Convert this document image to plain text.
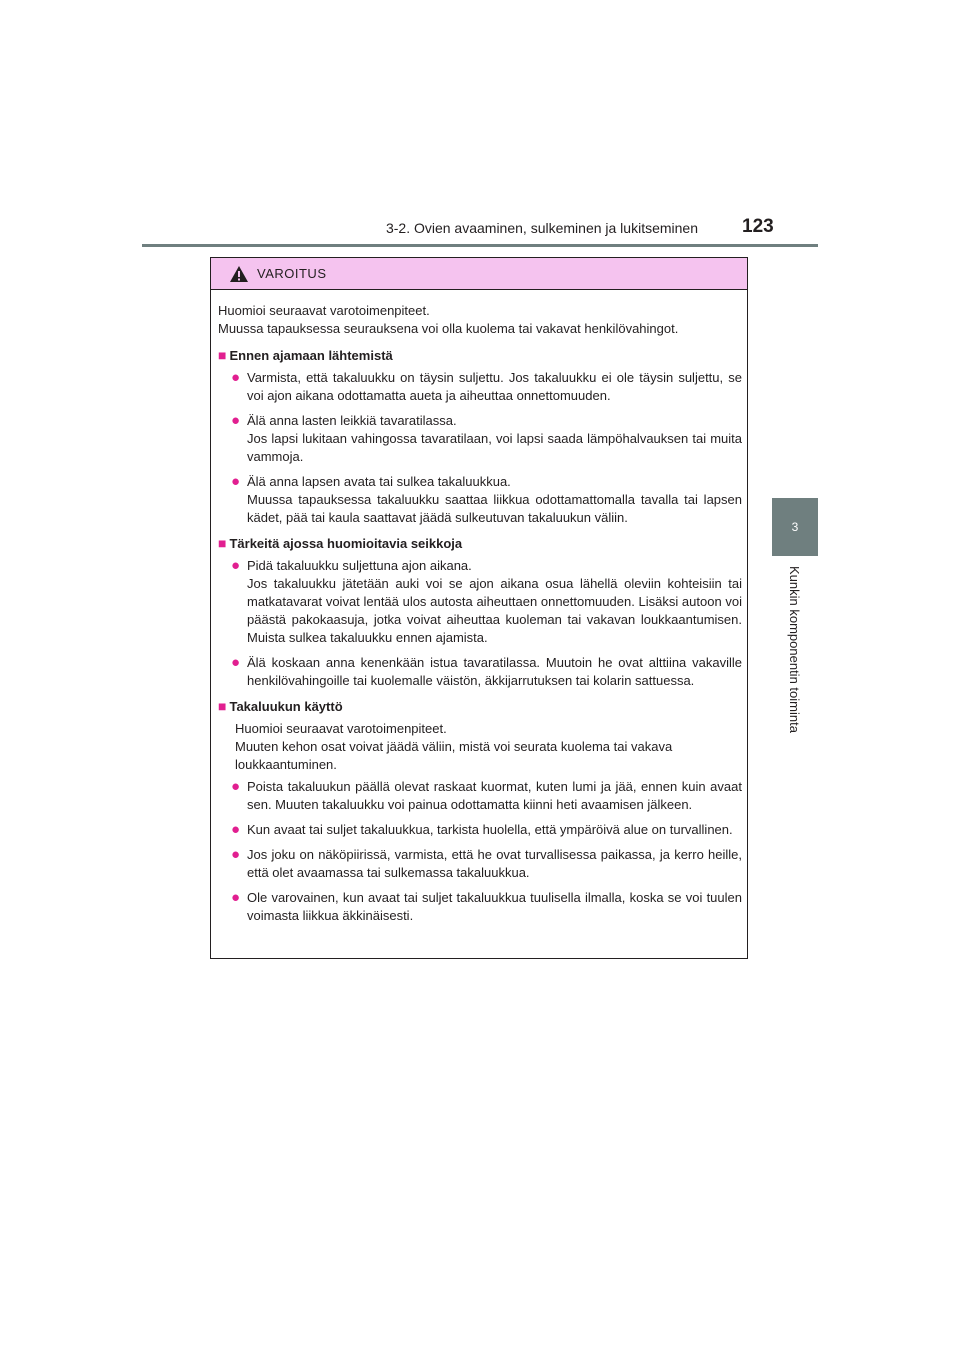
3-2. Ovien avaaminen, sulkeminen ja lukitseminen 123
3
Kunkin komponentin toiminta
VAROITUS
Huomioi seuraavat varotoimenpiteet.
Muussa tapauksessa seurauksena voi olla kuolema tai vakavat henkilövahingot.
■ Ennen ajamaan lähtemistä
● Varmista, että takaluukku on täysin suljettu. Jos takaluukku ei ole täysin suljettu, se voi ajon aikana odottamatta aueta ja aiheuttaa onnettomuuden.
● Älä anna lasten leikkiä tavaratilassa.
Jos lapsi lukitaan vahingossa tavaratilaan, voi lapsi saada lämpöhalvauksen tai muita vammoja.
● Älä anna lapsen avata tai sulkea takaluukkua.
Muussa tapauksessa takaluukku saattaa liikkua odottamattomalla tavalla tai lapsen kädet, pää tai kaula saattavat jäädä sulkeutuvan takaluukun väliin.
■ Tärkeitä ajossa huomioitavia seikkoja
● Pidä takaluukku suljettuna ajon aikana.
Jos takaluukku jätetään auki voi se ajon aikana osua lähellä oleviin kohteisiin tai matkatavarat voivat lentää ulos autosta aiheuttaen onnettomuuden. Lisäksi autoon voi päästä pakokaasuja, jotka voivat aiheuttaa kuoleman tai vakavan loukkaantumisen. Muista sulkea takaluukku ennen ajamista.
● Älä koskaan anna kenenkään istua tavaratilassa. Muutoin he ovat alttiina vakaville henkilövahingoille tai kuolemalle väistön, äkkijarrutuksen tai kolarin sattuessa.
■ Takaluukun käyttö
Huomioi seuraavat varotoimenpiteet.
Muuten kehon osat voivat jäädä väliin, mistä voi seurata kuolema tai vakava loukkaantuminen.
● Poista takaluukun päällä olevat raskaat kuormat, kuten lumi ja jää, ennen kuin avaat sen. Muuten takaluukku voi painua odottamatta kiinni heti avaamisen jälkeen.
● Kun avaat tai suljet takaluukkua, tarkista huolella, että ympäröivä alue on turvallinen.
● Jos joku on näköpiirissä, varmista, että he ovat turvallisessa paikassa, ja kerro heille, että olet avaamassa tai sulkemassa takaluukkua.
● Ole varovainen, kun avaat tai suljet takaluukkua tuulisella ilmalla, koska se voi tuulen voimasta liikkua äkkinäisesti.
